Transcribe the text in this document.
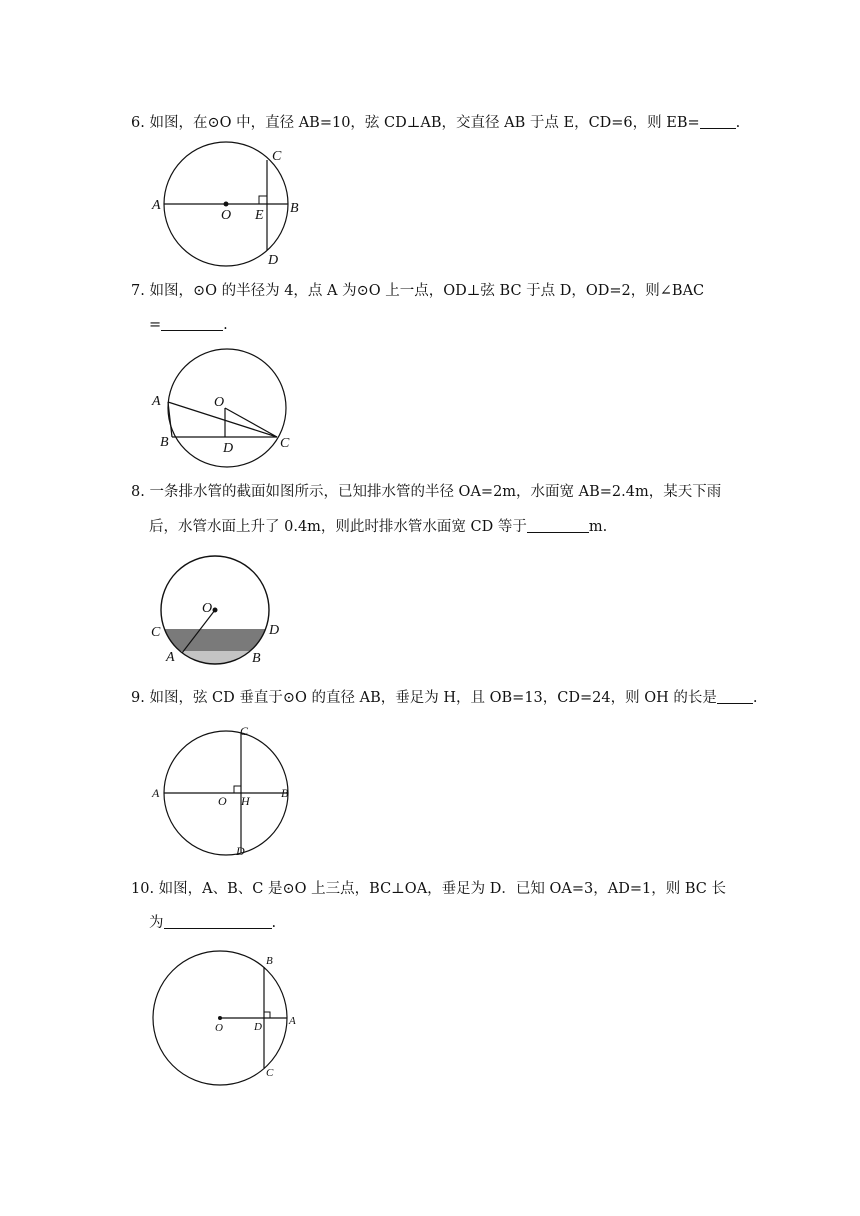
6. 如图，在⊙O 中，直径 AB=10，弦 CD⊥AB，交直径 AB 于点 E，CD=6，则 EB= .
A
O E B
C
D
7. 如图，⊙O 的半径为 4，点 A 为⊙O 上一点，OD⊥弦 BC 于点 D，OD=2，则∠BAC
=	.
A	O
B	D	C
8. 一条排水管的截面如图所示，已知排水管的半径 OA=2m，水面宽 AB=2.4m，某天下雨
后，水管水面上升了 0.4m，则此时排水管水面宽 CD 等于	m.
O
C	D
A	B
9. 如图，弦 CD 垂直于⊙O 的直径 AB，垂足为 H，且 OB=13，CD=24，则 OH 的长是 .
C
A
O H
B
D
10. 如图，A、B、C 是⊙O 上三点，BC⊥OA，垂足为 D．已知 OA=3，AD=1，则 BC 长
为	.
B
O	D A
C
